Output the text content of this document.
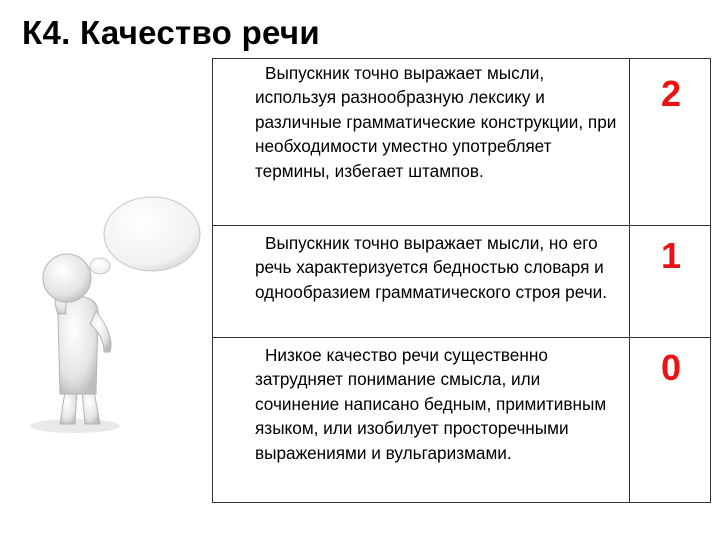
К4. Качество речи
Выпускник точно выражает мысли, используя разнообразную лексику и различные грамматические конструкции, при необходимости уместно употребляет термины, избегает штампов.
2
Выпускник точно выражает мысли, но его речь характеризуется бедностью словаря и однообразием грамматического строя речи.
1
Низкое качество речи существенно затрудняет понимание смысла, или сочинение написано бедным, примитивным языком, или изобилует просторечными выражениями и вульгаризмами.
0
